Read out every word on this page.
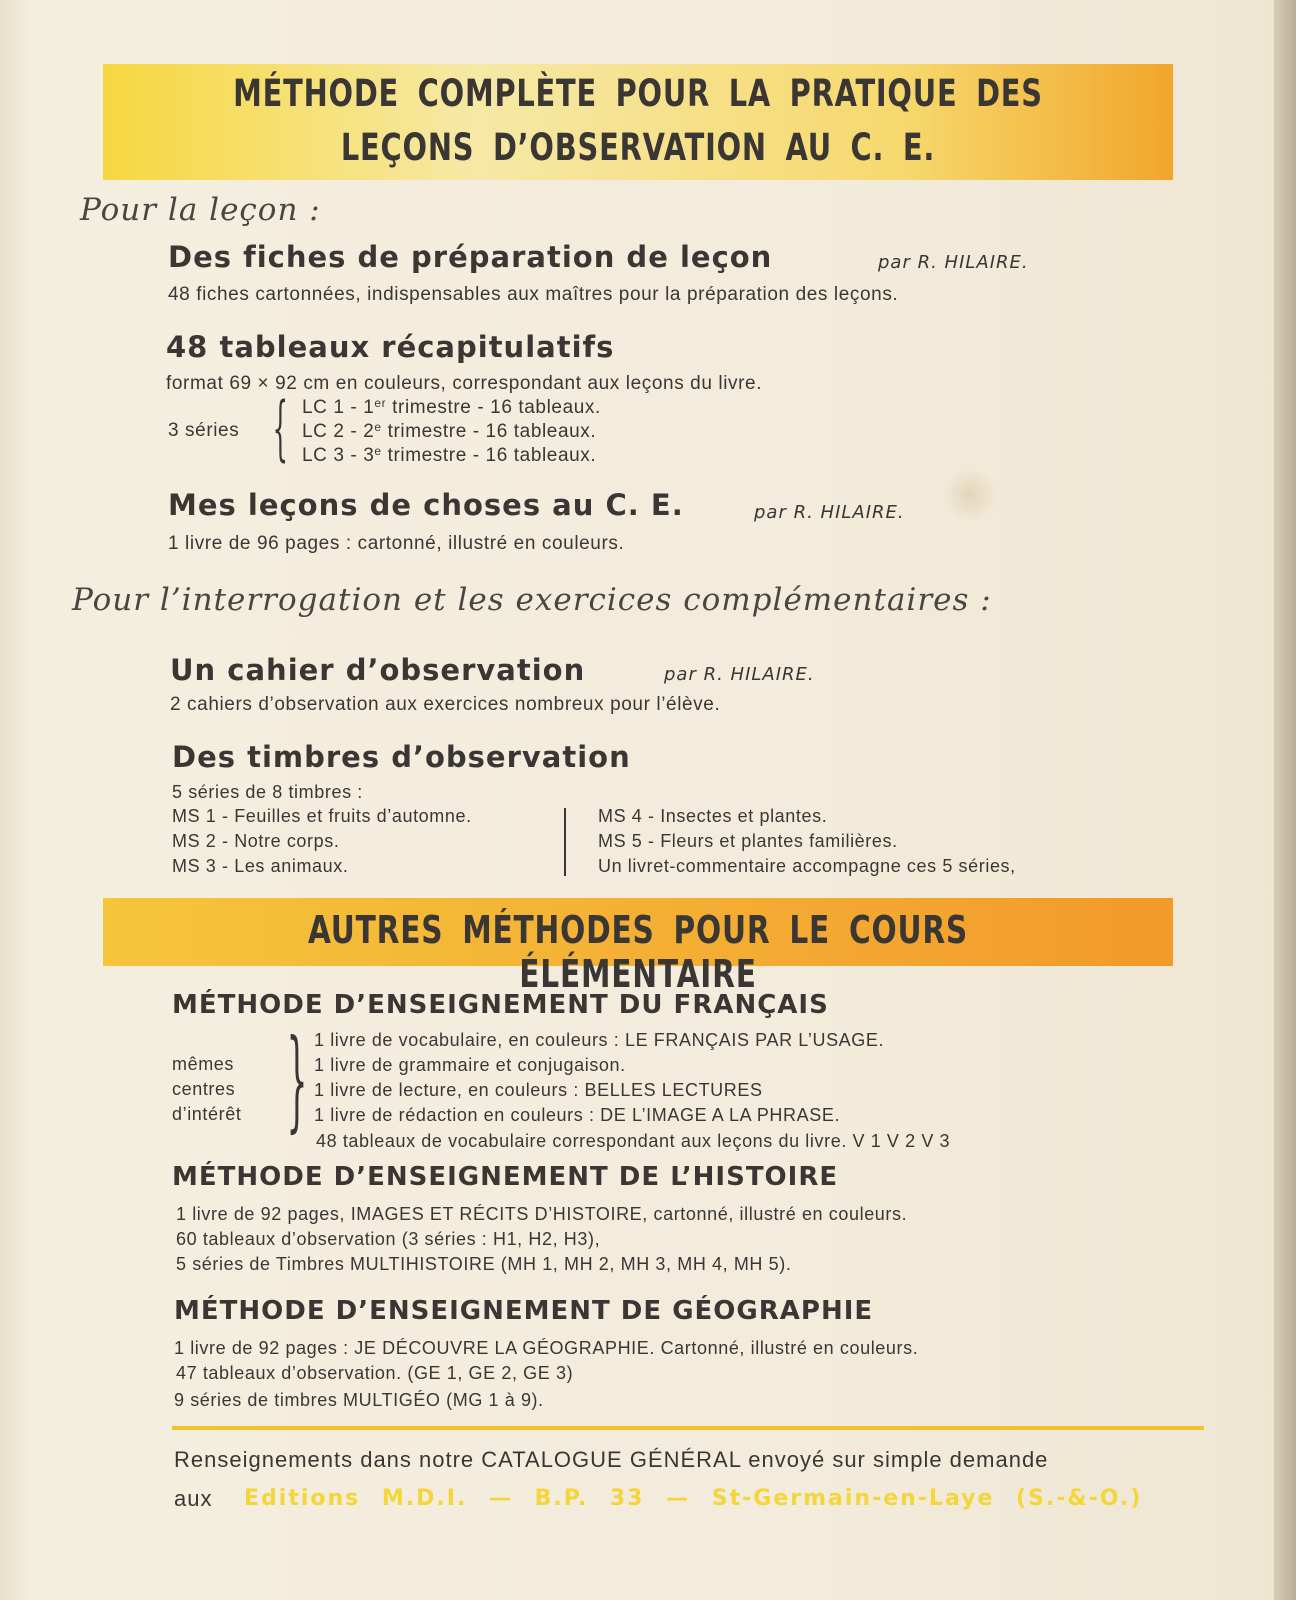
MÉTHODE COMPLÈTE POUR LA PRATIQUE DES
LEÇONS D’OBSERVATION AU C. E.
Pour la leçon :
Des fiches de préparation de leçon	par R. HILAIRE.
48 fiches cartonnées, indispensables aux maîtres pour la préparation des leçons.
48 tableaux récapitulatifs
format 69 × 92 cm en couleurs, correspondant aux leçons du livre.
3 séries { LC 1 - 1er trimestre - 16 tableaux.
LC 2 - 2e trimestre - 16 tableaux.
LC 3 - 3e trimestre - 16 tableaux.
Mes leçons de choses au C. E.	par R. HILAIRE.
1 livre de 96 pages : cartonné, illustré en couleurs.
Pour l’interrogation et les exercices complémentaires :
Un cahier d’observation	par R. HILAIRE.
2 cahiers d’observation aux exercices nombreux pour l’élève.
Des timbres d’observation
5 séries de 8 timbres :
MS 1 - Feuilles et fruits d’automne.
MS 2 - Notre corps.
MS 3 - Les animaux.
MS 4 - Insectes et plantes.
MS 5 - Fleurs et plantes familières.
Un livret-commentaire accompagne ces 5 séries,
AUTRES MÉTHODES POUR LE COURS ÉLÉMENTAIRE
MÉTHODE D’ENSEIGNEMENT DU FRANÇAIS
mêmes
centres
d’intérêt { 1 livre de vocabulaire, en couleurs : LE FRANÇAIS PAR L’USAGE.
1 livre de grammaire et conjugaison.
1 livre de lecture, en couleurs : BELLES LECTURES
1 livre de rédaction en couleurs : DE L’IMAGE A LA PHRASE.
48 tableaux de vocabulaire correspondant aux leçons du livre. V 1 V 2 V 3
MÉTHODE D’ENSEIGNEMENT DE L’HISTOIRE
1 livre de 92 pages, IMAGES ET RÉCITS D’HISTOIRE, cartonné, illustré en couleurs.
60 tableaux d’observation (3 séries : H1, H2, H3),
5 séries de Timbres MULTIHISTOIRE (MH 1, MH 2, MH 3, MH 4, MH 5).
MÉTHODE D’ENSEIGNEMENT DE GÉOGRAPHIE
1 livre de 92 pages : JE DÉCOUVRE LA GÉOGRAPHIE. Cartonné, illustré en couleurs.
47 tableaux d’observation. (GE 1, GE 2, GE 3)
9 séries de timbres MULTIGÉO (MG 1 à 9).
Renseignements dans notre CATALOGUE GÉNÉRAL envoyé sur simple demande
aux Editions M.D.I. — B.P. 33 — St-Germain-en-Laye (S.-&-O.)
